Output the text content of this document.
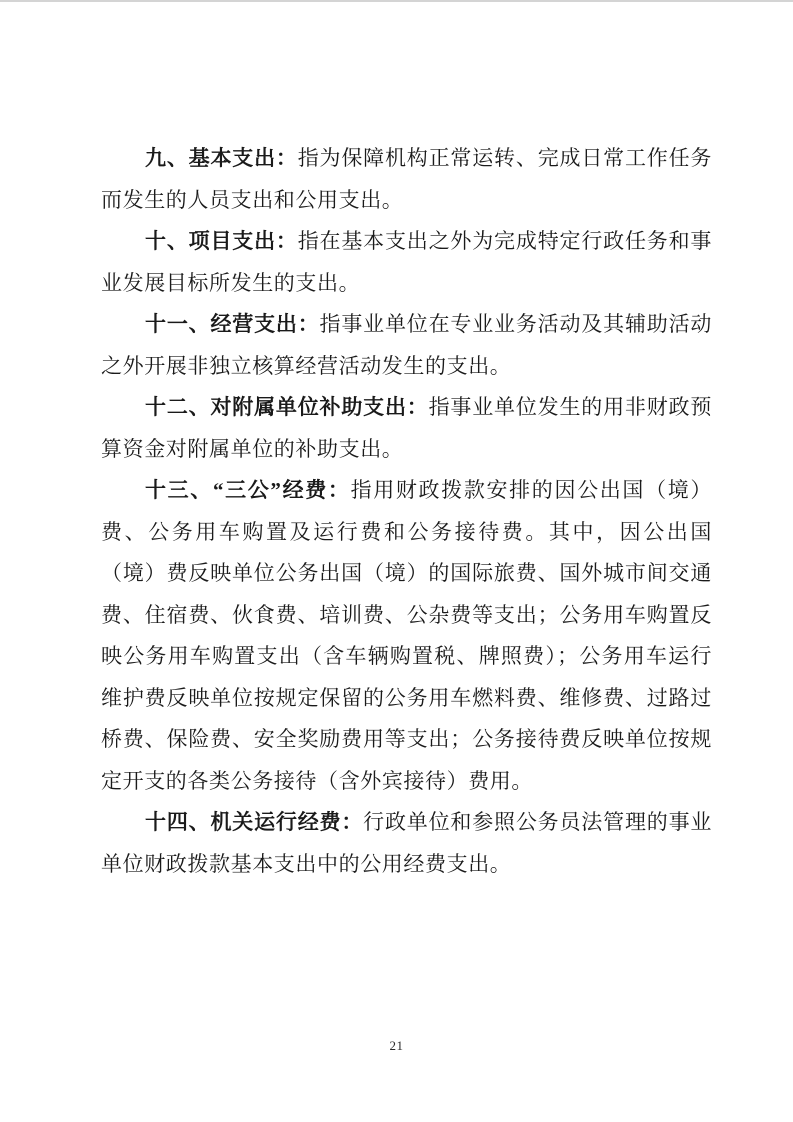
九、基本支出：指为保障机构正常运转、完成日常工作任务而发生的人员支出和公用支出。

十、项目支出：指在基本支出之外为完成特定行政任务和事业发展目标所发生的支出。

十一、经营支出：指事业单位在专业业务活动及其辅助活动之外开展非独立核算经营活动发生的支出。

十二、对附属单位补助支出：指事业单位发生的用非财政预算资金对附属单位的补助支出。

十三、“三公”经费：指用财政拨款安排的因公出国（境）费、公务用车购置及运行费和公务接待费。其中，因公出国（境）费反映单位公务出国（境）的国际旅费、国外城市间交通费、住宿费、伙食费、培训费、公杂费等支出；公务用车购置反映公务用车购置支出（含车辆购置税、牌照费）；公务用车运行维护费反映单位按规定保留的公务用车燃料费、维修费、过路过桥费、保险费、安全奖励费用等支出；公务接待费反映单位按规定开支的各类公务接待（含外宾接待）费用。

十四、机关运行经费：行政单位和参照公务员法管理的事业单位财政拨款基本支出中的公用经费支出。

21
